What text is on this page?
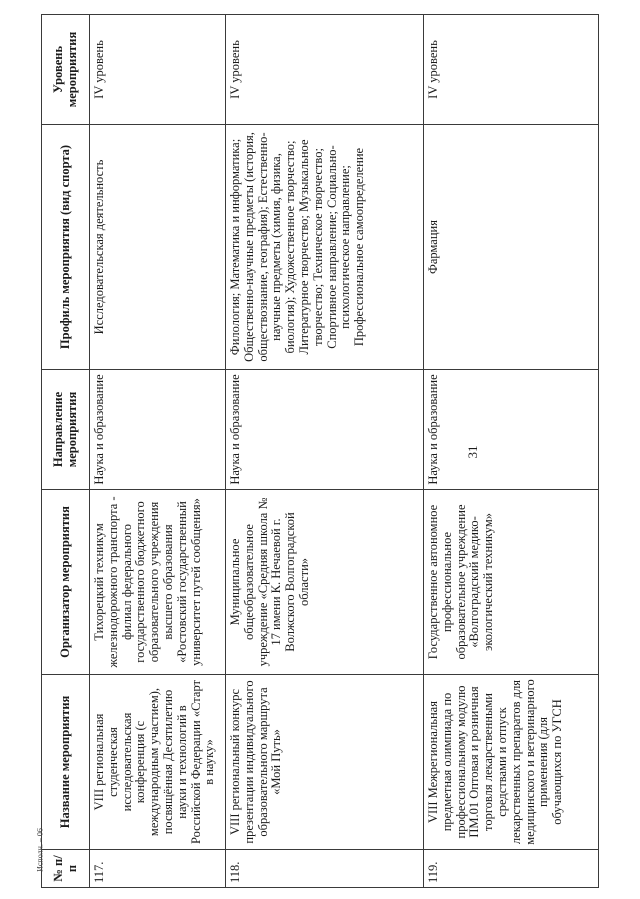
31
№ п/п	Название мероприятия	Организатор мероприятия	Направление мероприятия	Профиль мероприятия (вид спорта)	Уровень мероприятия
117.	VIII региональная студенческая исследовательская конференция (с международным участием), посвящённая Десятилетию науки и технологий в Российской Федерации «Старт в науку»	Тихорецкий техникум железнодорожного транспорта - филиал федерального государственного бюджетного образовательного учреждения высшего образования «Ростовский государственный университет путей сообщения»	Наука и образование	Исследовательская деятельность	IV уровень
118.	VIII региональный конкурс презентации индивидуального образовательного маршрута «Мой Путь»	Муниципальное общеобразовательное учреждение «Средняя школа № 17 имени К. Нечаевой г. Волжского Волгоградской области»	Наука и образование	Филология; Математика и информатика; Общественно-научные предметы (история, обществознание, география); Естественно-научные предметы (химия, физика, биология); Художественное творчество; Литературное творчество; Музыкальное творчество; Техническое творчество; Спортивное направление; Социально-психологическое направление; Профессиональное самоопределение	IV уровень
119.	VIII Межрегиональная предметная олимпиада по профессиональному модулю ПМ.01 Оптовая и розничная торговля лекарственными средствами и отпуск лекарственных препаратов для медицинского и ветеринарного применения (для обучающихся по УГСН	Государственное автономное профессиональное образовательное учреждение «Волгоградский медико-экологический техникум»	Наука и образование	Фармация	IV уровень
Исполн. – 06
